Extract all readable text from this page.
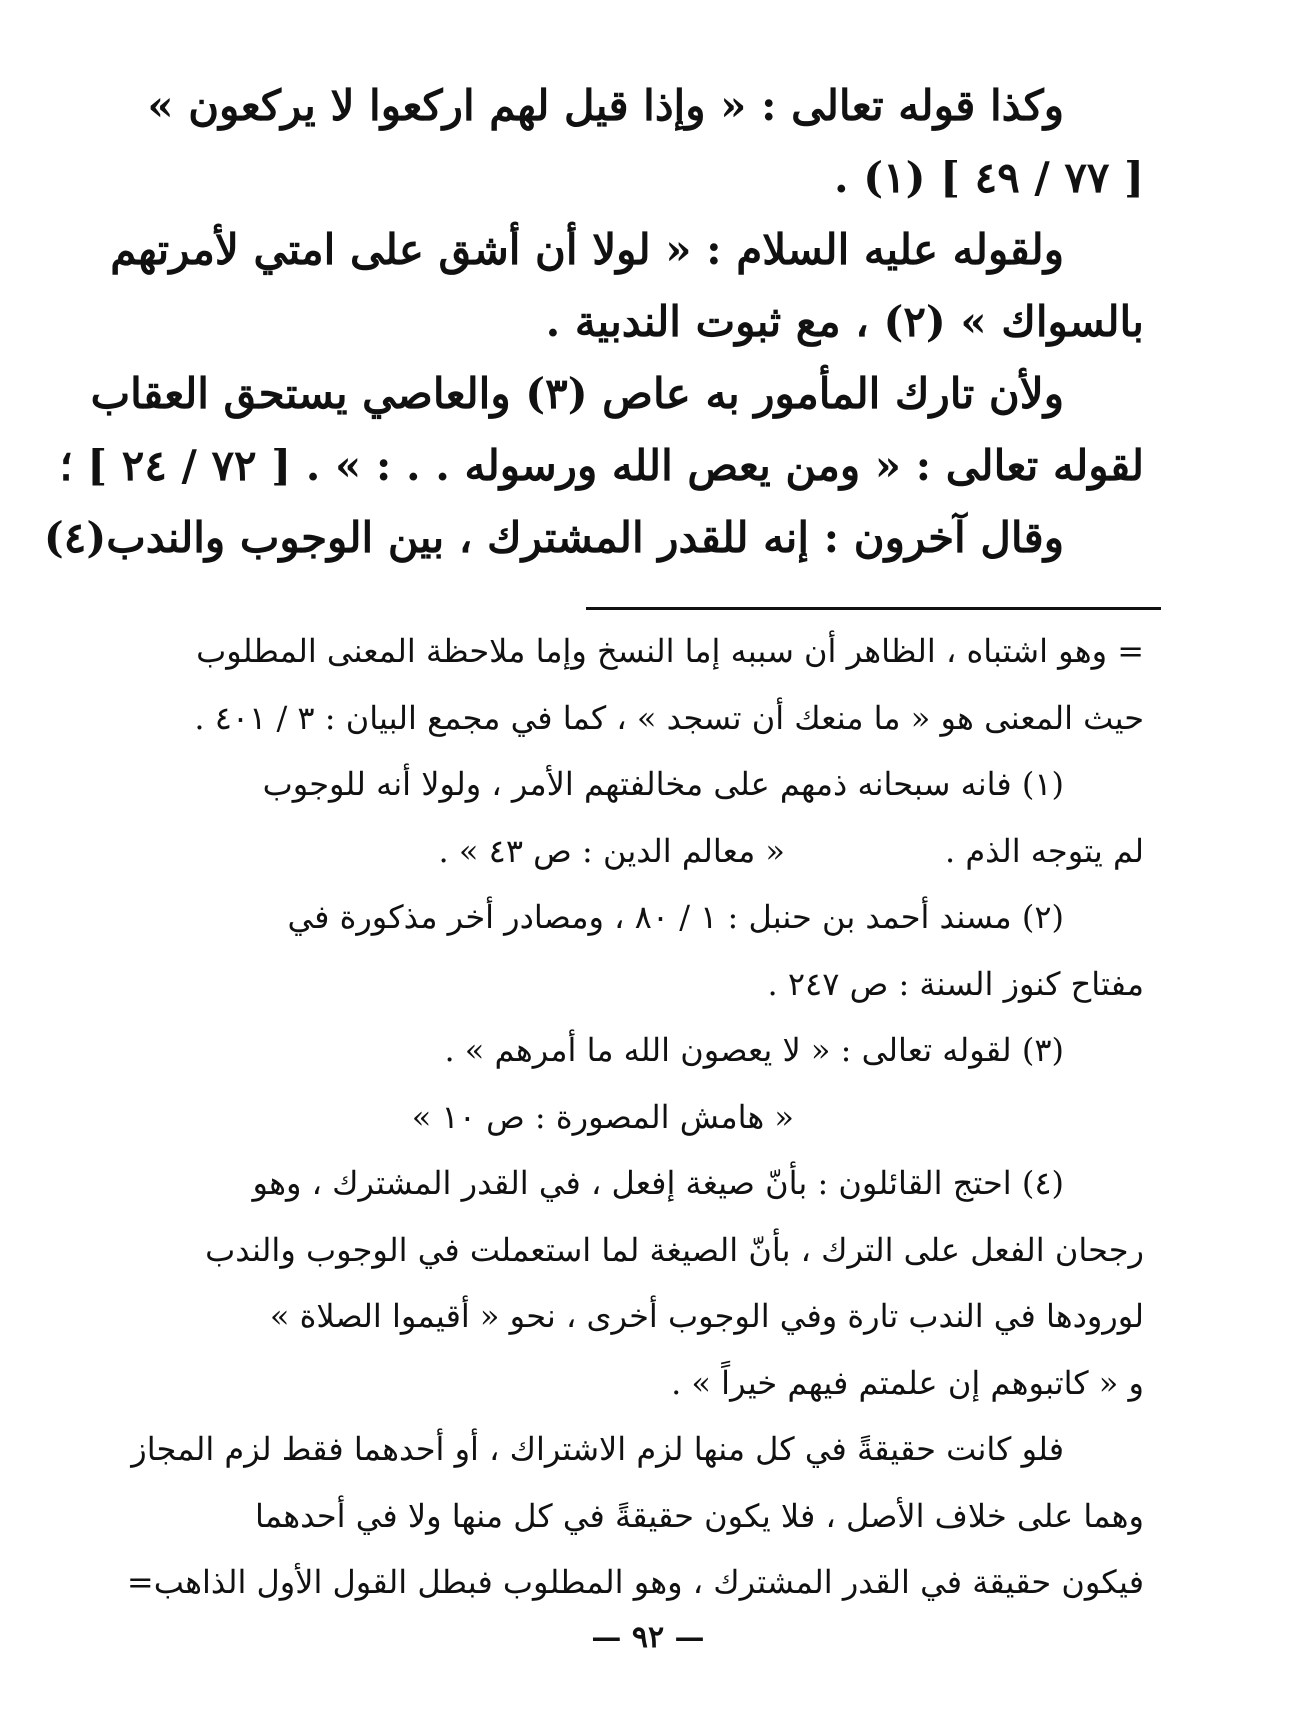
وكذا قوله تعالى : « وإذا قيل لهم اركعوا لا يركعون »
[ ٧٧ / ٤٩ ] (١) .

ولقوله عليه السلام : « لولا أن أشق على امتي لأمرتهم
بالسواك » (٢) ، مع ثبوت الندبية .

ولأن تارك المأمور به عاص (٣) والعاصي يستحق العقاب
لقوله تعالى : « ومن يعص الله ورسوله . . : » . [ ٧٢ / ٢٤ ] ؛

وقال آخرون : إنه للقدر المشترك ، بين الوجوب والندب(٤)

= وهو اشتباه ، الظاهر أن سببه إما النسخ وإما ملاحظة المعنى المطلوب
حيث المعنى هو « ما منعك أن تسجد » ، كما في مجمع البيان : ٣ / ٤٠١ .
(١) فانه سبحانه ذمهم على مخالفتهم الأمر ، ولولا أنه للوجوب
لم يتوجه الذم .« معالم الدين : ص ٤٣ » .
(٢) مسند أحمد بن حنبل : ١ / ٨٠ ، ومصادر أخر مذكورة في
مفتاح كنوز السنة : ص ٢٤٧ .
(٣) لقوله تعالى : « لا يعصون الله ما أمرهم » .
« هامش المصورة : ص ١٠ »
(٤) احتج القائلون : بأنّ صيغة إفعل ، في القدر المشترك ، وهو
رجحان الفعل على الترك ، بأنّ الصيغة لما استعملت في الوجوب والندب
لورودها في الندب تارة وفي الوجوب أخرى ، نحو « أقيموا الصلاة »
و « كاتبوهم إن علمتم فيهم خيراً » .
فلو كانت حقيقةً في كل منها لزم الاشتراك ، أو أحدهما فقط لزم المجاز
وهما على خلاف الأصل ، فلا يكون حقيقةً في كل منها ولا في أحدهما
فيكون حقيقة في القدر المشترك ، وهو المطلوب فبطل القول الأول الذاهب=
— ٩٢ —
